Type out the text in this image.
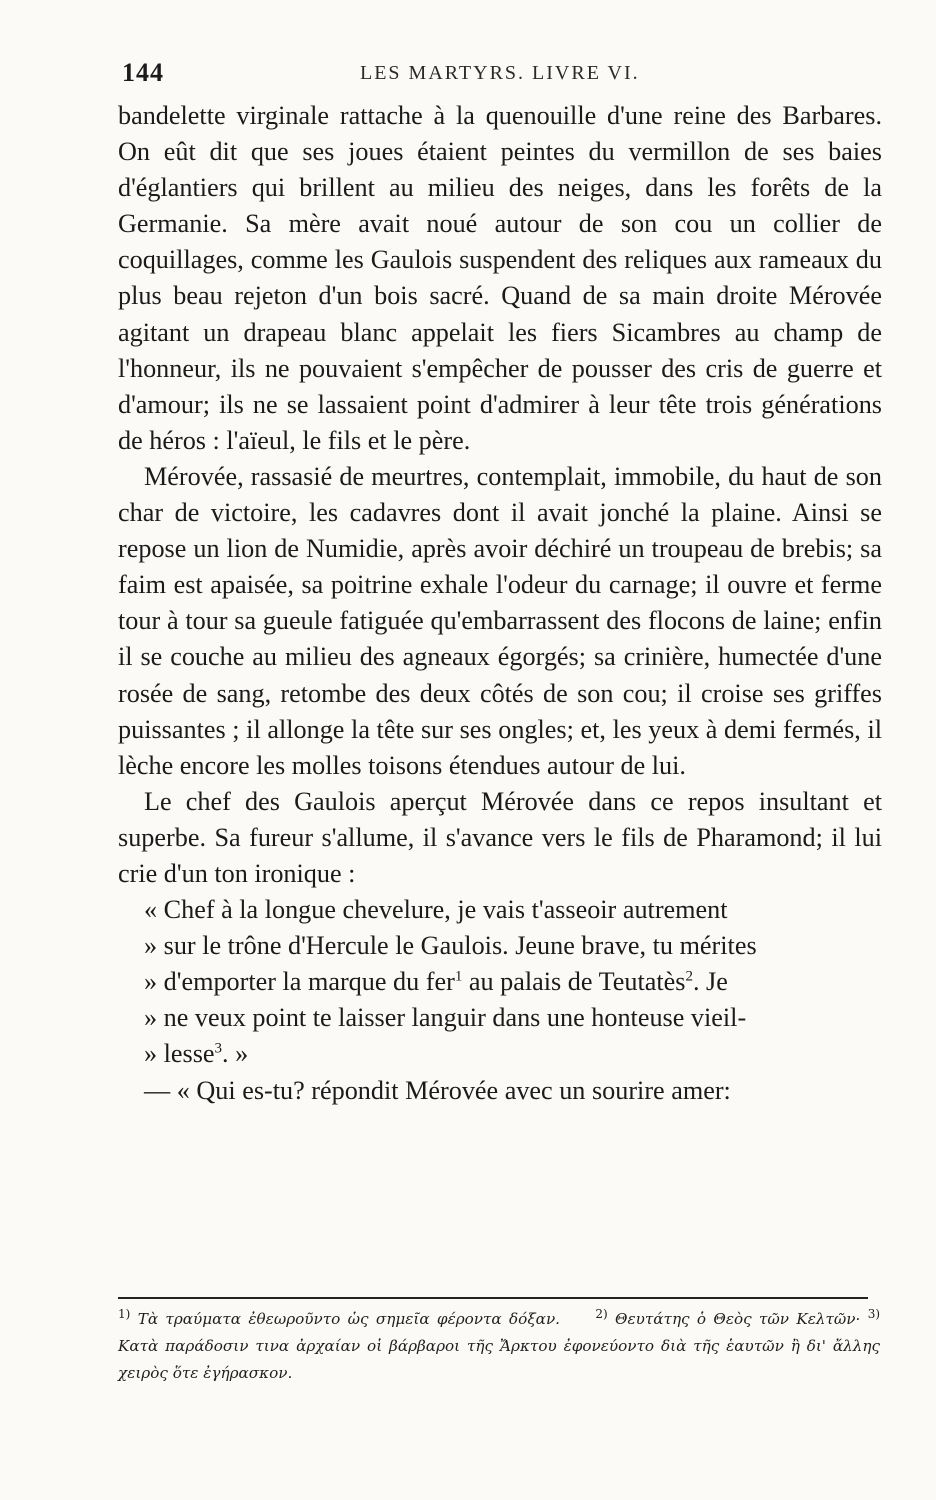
144	LES MARTYRS. LIVRE VI.

bandelette virginale rattache à la quenouille d'une reine des Barbares. On eût dit que ses joues étaient peintes du vermillon de ses baies d'églantiers qui brillent au milieu des neiges, dans les forêts de la Germanie. Sa mère avait noué autour de son cou un collier de coquillages, comme les Gaulois suspendent des reliques aux rameaux du plus beau rejeton d'un bois sacré. Quand de sa main droite Mérovée agitant un drapeau blanc appelait les fiers Sicambres au champ de l'honneur, ils ne pouvaient s'empêcher de pousser des cris de guerre et d'amour; ils ne se lassaient point d'admirer à leur tête trois générations de héros : l'aïeul, le fils et le père.

Mérovée, rassasié de meurtres, contemplait, immobile, du haut de son char de victoire, les cadavres dont il avait jonché la plaine. Ainsi se repose un lion de Numidie, après avoir déchiré un troupeau de brebis; sa faim est apaisée, sa poitrine exhale l'odeur du carnage; il ouvre et ferme tour à tour sa gueule fatiguée qu'embarrassent des flocons de laine; enfin il se couche au milieu des agneaux égorgés; sa crinière, humectée d'une rosée de sang, retombe des deux côtés de son cou; il croise ses griffes puissantes ; il allonge la tête sur ses ongles; et, les yeux à demi fermés, il lèche encore les molles toisons étendues autour de lui.

Le chef des Gaulois aperçut Mérovée dans ce repos insultant et superbe. Sa fureur s'allume, il s'avance vers le fils de Pharamond; il lui crie d'un ton ironique :

« Chef à la longue chevelure, je vais t'asseoir autrement
» sur le trône d'Hercule le Gaulois. Jeune brave, tu mérites
» d'emporter la marque du fer$^1$ au palais de Teutatès$^2$. Je
» ne veux point te laisser languir dans une honteuse vieil-
» lesse$^3$. »

— « Qui es-tu? répondit Mérovée avec un sourire amer:

$^{1)}$ Τὰ τραύματα ἐθεωροῦντο ὡς σημεῖα φέροντα δόξαν.	$^{2)}$ Θευτάτης ὁ Θεὸς τῶν Κελτῶν· $^{3)}$ Κατὰ παράδοσιν τινα ἀρχαίαν οἱ βάρβαροι τῆς Ἄρκτου ἐφονεύοντο διὰ τῆς ἑαυτῶν ἢ δι' ἄλλης χειρὸς ὅτε ἐγήρασκον.
